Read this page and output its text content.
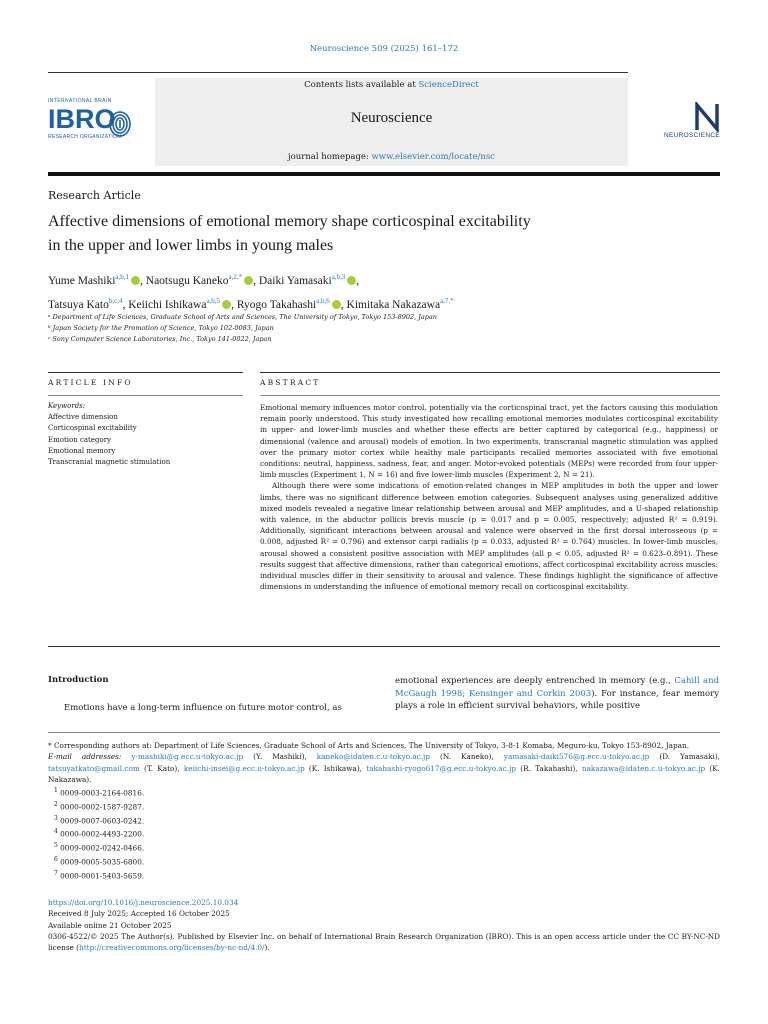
Neuroscience 509 (2025) 161–172
Contents lists available at ScienceDirect
Neuroscience
journal homepage: www.elsevier.com/locate/nsc
INTERNATIONAL BRAIN
IBRO
RESEARCH ORGANIZATION	NEUROSCIENCE
Research Article
Affective dimensions of emotional memory shape corticospinal excitability
in the upper and lower limbs in young males
Yume Mashiki$^{a,b,1}$ , Naotsugu Kaneko$^{a,2,*}$ , Daiki Yamasaki$^{a,b,3}$ ,
Tatsuya Kato$^{b,c,4}$, Keiichi Ishikawa$^{a,b,5}$ , Ryogo Takahashi$^{a,b,6}$ , Kimitaka Nakazawa$^{a,7,*}$
ᵃ Department of Life Sciences, Graduate School of Arts and Sciences, The University of Tokyo, Tokyo 153-8902, Japan
ᵇ Japan Society for the Promotion of Science, Tokyo 102-0083, Japan
ᶜ Sony Computer Science Laboratories, Inc., Tokyo 141-0022, Japan
ARTICLE INFO	ABSTRACT
Keywords:
Affective dimension
Corticospinal excitability
Emotion category
Emotional memory
Transcranial magnetic stimulation

Emotional memory influences motor control, potentially via the corticospinal tract, yet the factors causing this modulation remain poorly understood. This study investigated how recalling emotional memories modulates corticospinal excitability in upper- and lower-limb muscles and whether these effects are better captured by categorical (e.g., happiness) or dimensional (valence and arousal) models of emotion. In two experiments, transcranial magnetic stimulation was applied over the primary motor cortex while healthy male participants recalled memories associated with five emotional conditions: neutral, happiness, sadness, fear, and anger. Motor-evoked potentials (MEPs) were recorded from four upper-limb muscles (Experiment 1, N = 16) and five lower-limb muscles (Experiment 2, N = 21).

Although there were some indications of emotion-related changes in MEP amplitudes in both the upper and lower limbs, there was no significant difference between emotion categories. Subsequent analyses using generalized additive mixed models revealed a negative linear relationship between arousal and MEP amplitudes, and a U-shaped relationship with valence, in the abductor pollicis brevis muscle (p = 0.017 and p = 0.005, respectively; adjusted R² = 0.919). Additionally, significant interactions between arousal and valence were observed in the first dorsal interosseous (p = 0.008, adjusted R² = 0.796) and extensor carpi radialis (p = 0.033, adjusted R² = 0.764) muscles. In lower-limb muscles, arousal showed a consistent positive association with MEP amplitudes (all p < 0.05, adjusted R² = 0.623–0.891). These results suggest that affective dimensions, rather than categorical emotions, affect corticospinal excitability across muscles: individual muscles differ in their sensitivity to arousal and valence. These findings highlight the significance of affective dimensions in understanding the influence of emotional memory recall on corticospinal excitability.

Introduction
Emotions have a long-term influence on future motor control, as
emotional experiences are deeply entrenched in memory (e.g., Cahill and McGaugh 1998; Kensinger and Corkin 2003). For instance, fear memory plays a role in efficient survival behaviors, while positive
* Corresponding authors at: Department of Life Sciences, Graduate School of Arts and Sciences, The University of Tokyo, 3-8-1 Komaba, Meguro-ku, Tokyo 153-8902, Japan.
E-mail addresses: y-mashiki@g.ecc.u-tokyo.ac.jp (Y. Mashiki), kaneko@idaten.c.u-tokyo.ac.jp (N. Kaneko), yamasaki-daiki576@g.ecc.u-tokyo.ac.jp (D. Yamasaki), tatsuyatkato@gmail.com (T. Kato), keiichi-insei@g.ecc.u-tokyo.ac.jp (K. Ishikawa), takahashi-ryogo617@g.ecc.u-tokyo.ac.jp (R. Takahashi), nakazawa@idaten.c.u-tokyo.ac.jp (K. Nakazawa).
$^1$ 0009-0003-2164-0816.
$^2$ 0000-0002-1587-9287.
$^3$ 0009-0007-0603-0242.
$^4$ 0000-0002-4493-2200.
$^5$ 0009-0002-0242-0466.
$^6$ 0009-0005-5035-6800.
$^7$ 0000-0001-5403-5659.
https://doi.org/10.1016/j.neuroscience.2025.10.034
Received 8 July 2025; Accepted 16 October 2025
Available online 21 October 2025
0306-4522/© 2025 The Author(s). Published by Elsevier Inc. on behalf of International Brain Research Organization (IBRO). This is an open access article under the CC BY-NC-ND license (http://creativecommons.org/licenses/by-nc-nd/4.0/).
